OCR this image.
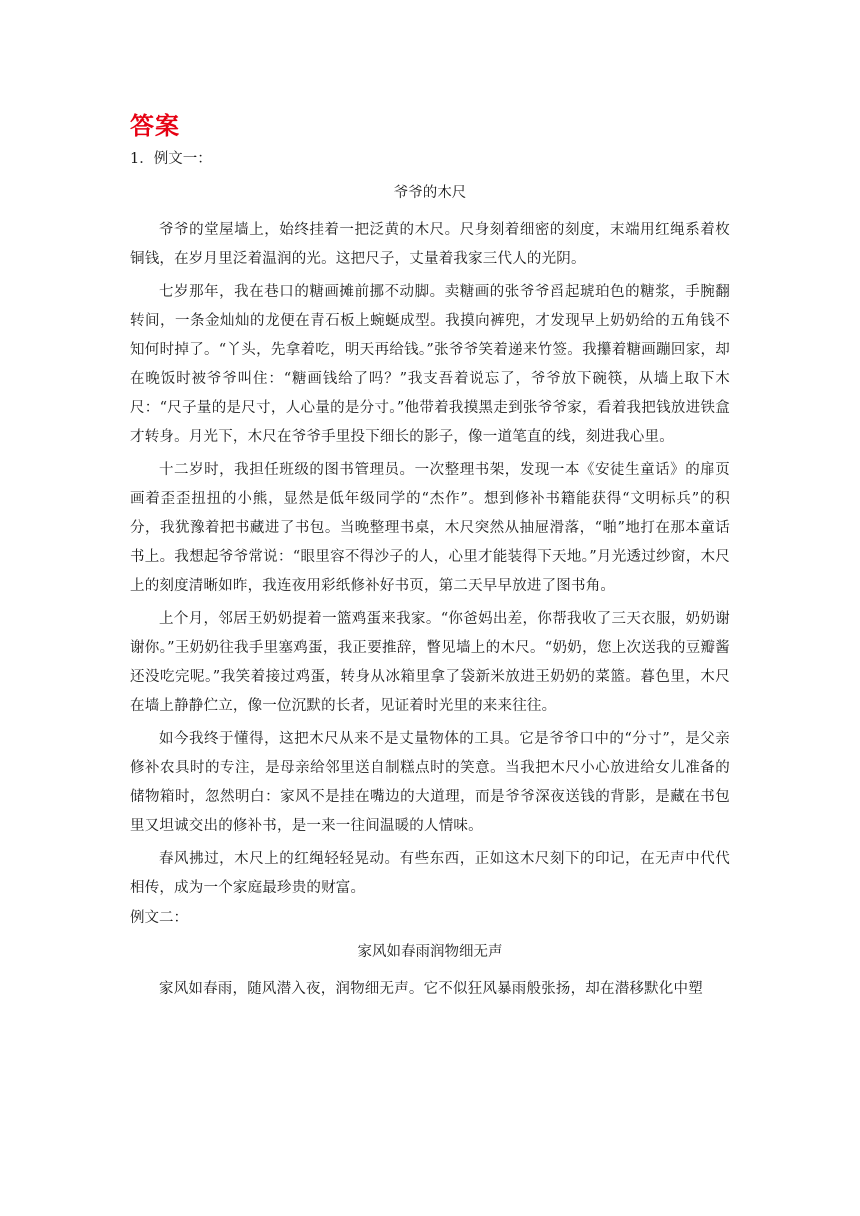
答案

1．例文一：

爷爷的木尺

爷爷的堂屋墙上，始终挂着一把泛黄的木尺。尺身刻着细密的刻度，末端用红绳系着枚铜钱，在岁月里泛着温润的光。这把尺子，丈量着我家三代人的光阴。

七岁那年，我在巷口的糖画摊前挪不动脚。卖糖画的张爷爷舀起琥珀色的糖浆，手腕翻转间，一条金灿灿的龙便在青石板上蜿蜒成型。我摸向裤兜，才发现早上奶奶给的五角钱不知何时掉了。“丫头，先拿着吃，明天再给钱。”张爷爷笑着递来竹签。我攥着糖画蹦回家，却在晚饭时被爷爷叫住：“糖画钱给了吗？”我支吾着说忘了，爷爷放下碗筷，从墙上取下木尺：“尺子量的是尺寸，人心量的是分寸。”他带着我摸黑走到张爷爷家，看着我把钱放进铁盒才转身。月光下，木尺在爷爷手里投下细长的影子，像一道笔直的线，刻进我心里。

十二岁时，我担任班级的图书管理员。一次整理书架，发现一本《安徒生童话》的扉页画着歪歪扭扭的小熊，显然是低年级同学的“杰作”。想到修补书籍能获得“文明标兵”的积分，我犹豫着把书藏进了书包。当晚整理书桌，木尺突然从抽屉滑落，“啪”地打在那本童话书上。我想起爷爷常说：“眼里容不得沙子的人，心里才能装得下天地。”月光透过纱窗，木尺上的刻度清晰如昨，我连夜用彩纸修补好书页，第二天早早放进了图书角。

上个月，邻居王奶奶提着一篮鸡蛋来我家。“你爸妈出差，你帮我收了三天衣服，奶奶谢谢你。”王奶奶往我手里塞鸡蛋，我正要推辞，瞥见墙上的木尺。“奶奶，您上次送我的豆瓣酱还没吃完呢。”我笑着接过鸡蛋，转身从冰箱里拿了袋新米放进王奶奶的菜篮。暮色里，木尺在墙上静静伫立，像一位沉默的长者，见证着时光里的来来往往。

如今我终于懂得，这把木尺从来不是丈量物体的工具。它是爷爷口中的“分寸”，是父亲修补农具时的专注，是母亲给邻里送自制糕点时的笑意。当我把木尺小心放进给女儿准备的储物箱时，忽然明白：家风不是挂在嘴边的大道理，而是爷爷深夜送钱的背影，是藏在书包里又坦诚交出的修补书，是一来一往间温暖的人情味。

春风拂过，木尺上的红绳轻轻晃动。有些东西，正如这木尺刻下的印记，在无声中代代相传，成为一个家庭最珍贵的财富。

例文二：

家风如春雨润物细无声

家风如春雨，随风潜入夜，润物细无声。它不似狂风暴雨般张扬，却在潜移默化中塑
